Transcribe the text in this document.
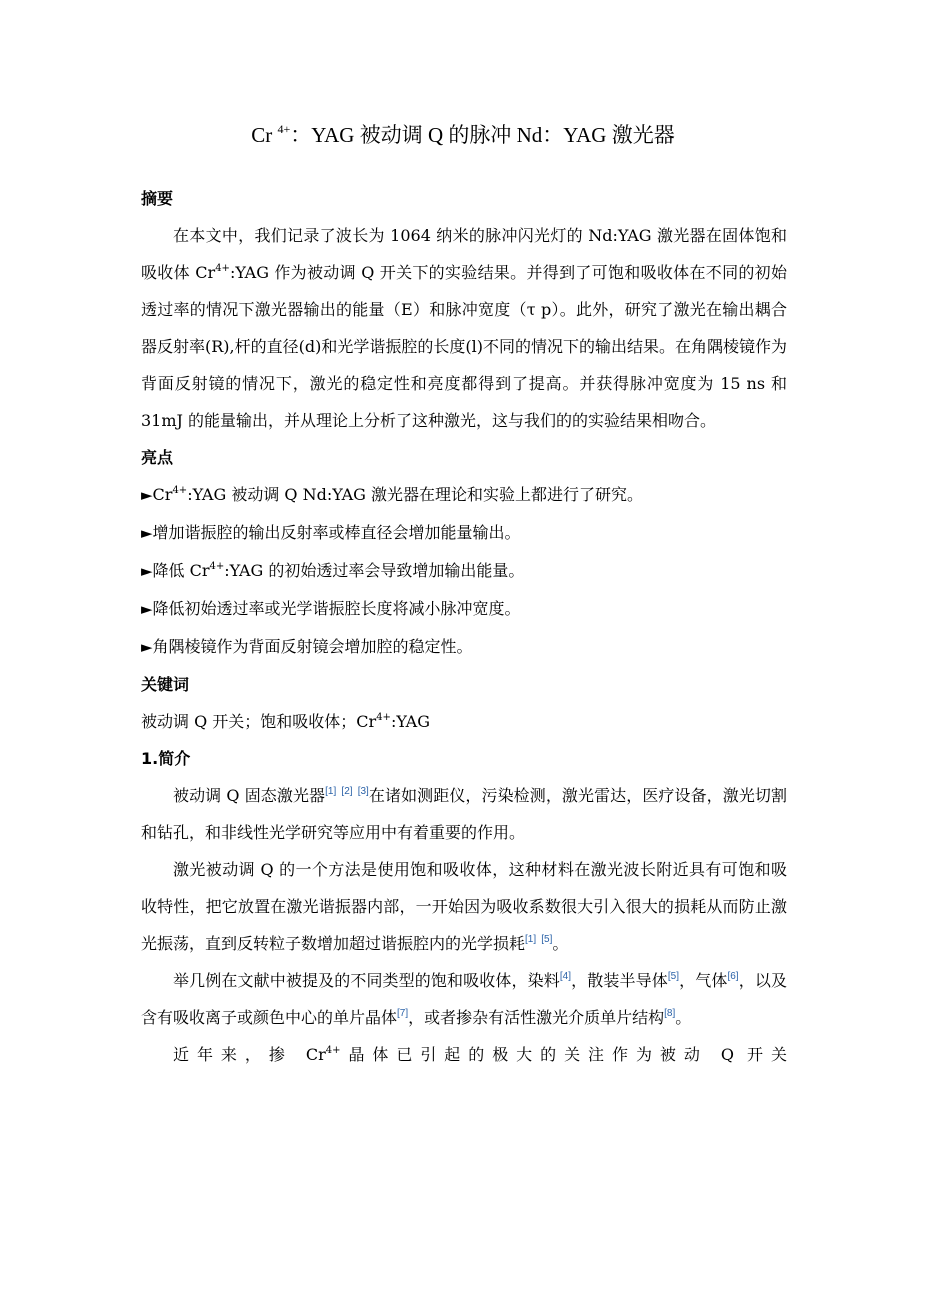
Cr $^{4+}$：YAG 被动调 Q 的脉冲 Nd：YAG 激光器

摘要

在本文中，我们记录了波长为 1064 纳米的脉冲闪光灯的 Nd:YAG 激光器在固体饱和吸收体 $Cr^{4+}:YAG$ 作为被动调 Q 开关下的实验结果。并得到了可饱和吸收体在不同的初始透过率的情况下激光器输出的能量（E）和脉冲宽度（τ p）。此外，研究了激光在输出耦合器反射率(R),杆的直径(d)和光学谐振腔的长度(l)不同的情况下的输出结果。在角隅棱镜作为背面反射镜的情况下，激光的稳定性和亮度都得到了提高。并获得脉冲宽度为 15 ns 和 31mJ 的能量输出，并从理论上分析了这种激光，这与我们的的实验结果相吻合。

亮点

$►Cr^{4+}:YAG$ 被动调 Q Nd:YAG 激光器在理论和实验上都进行了研究。

►增加谐振腔的输出反射率或棒直径会增加能量输出。

►降低 $Cr^{4+}:YAG$ 的初始透过率会导致增加输出能量。

►降低初始透过率或光学谐振腔长度将减小脉冲宽度。

►角隅棱镜作为背面反射镜会增加腔的稳定性。

关键词

被动调 Q 开关；饱和吸收体；$Cr^{4+}:YAG$

1.简介

被动调 Q 固态激光器[1] [2] [3]在诸如测距仪，污染检测，激光雷达，医疗设备，激光切割和钻孔，和非线性光学研究等应用中有着重要的作用。

激光被动调 Q 的一个方法是使用饱和吸收体，这种材料在激光波长附近具有可饱和吸收特性，把它放置在激光谐振器内部，一开始因为吸收系数很大引入很大的损耗从而防止激光振荡，直到反转粒子数增加超过谐振腔内的光学损耗[1] [5]。

举几例在文献中被提及的不同类型的饱和吸收体，染料[4]，散装半导体[5]，气体[6]，以及含有吸收离子或颜色中心的单片晶体[7]，或者掺杂有活性激光介质单片结构[8]。

近年来，掺 $Cr^{4+}$晶体已引起的极大的关注作为被动 Q 开关
